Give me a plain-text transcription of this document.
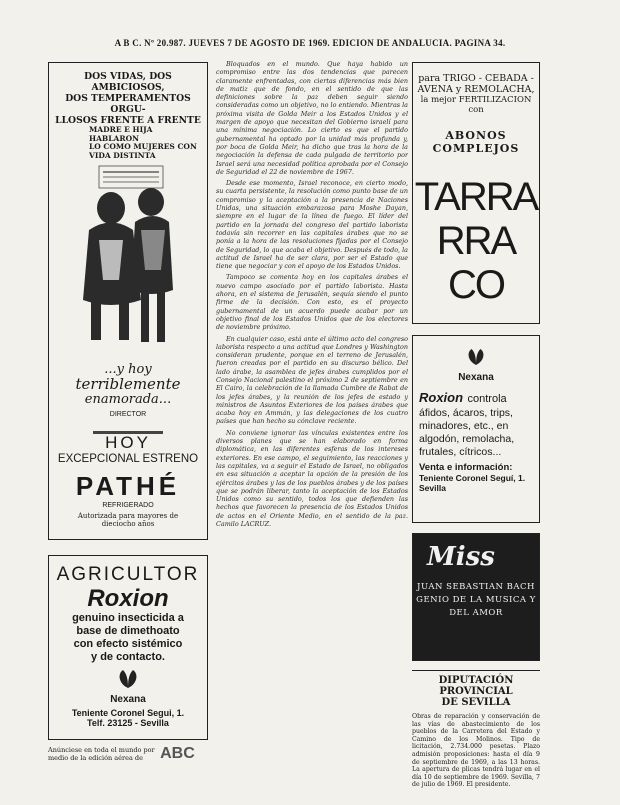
A B C. Nº 20.987. JUEVES 7 DE AGOSTO DE 1969. EDICION DE ANDALUCIA. PAGINA 34.
DOS VIDAS, DOS AMBICIOSOS,
DOS TEMPERAMENTOS ORGU-
LLOSOS FRENTE A FRENTE
MADRE E HIJA HABLARON
LO COMO MUJERES CON
VIDA DISTINTA
...y hoy
terriblemente
enamorada...
DIRECTOR
HOY
EXCEPCIONAL ESTRENO
PATHÉ
REFRIGERADO
Autorizada para mayores de dieciocho años
AGRICULTOR
Roxion
genuino insecticida a
base de dimethoato
con efecto sistémico
y de contacto.
Nexana
Teniente Coronel Segui, 1.
Telf. 23125 - Sevilla
Anúnciese en toda el mundo por medio de la edición aérea de ABC

Bloquados en el mundo. Que haya habido un compromiso entre las dos tendencias que parecen claramente enfrentadas, con ciertas diferencias más bien de matiz que de fondo, en el sentido de que las definiciones sobre la paz deben seguir siendo consideradas como un objetivo, no lo entiendo. Mientras la próxima visita de Golda Meir a los Estados Unidos y el margen de apoyo que necesitan del Gobierno israelí para una mínima negociación. Lo cierto es que el partido gubernamental ha optado por la unidad más profunda y, por boca de Golda Meir, ha dicho que tras la hora de la negociación la defensa de cada pulgada de territorio por Israel será una necesidad política aprobada por el Consejo de Seguridad el 22 de noviembre de 1967.

Desde ese momento, Israel reconoce, en cierto modo, su cuarta persistente, la resolución como punto base de un compromiso y la aceptación a la presencia de Naciones Unidas, una situación embarazosa para Moshe Dayan, siempre en el lugar de la línea de fuego. El líder del partido en la jornada del congreso del partido laborista todavía sin recorrer en las capitales árabes que no se ponía a la hora de las resoluciones fijadas por el Consejo de Seguridad, lo que acaba el objetivo. Después de todo, la actitud de Israel ha de ser clara, por ser el Estado que tiene que negociar y con el apoyo de los Estados Unidos.

Tampoco se comenta hoy en los capitales árabes el nuevo campo asociado por el partido laborista. Hasta ahora, en el sistema de Jerusalén, sequía siendo el punto firme de la decisión. Con esto, es el proyecto gubernamental de un acuerdo puede acabar por un objetivo final de los Estados Unidos que de los electores de noviembre próximo.

En cualquier caso, está ante el último acto del congreso laborista respecto a una actitud que Londres y Washington consideran prudente, porque en el terreno de Jerusalén, fueron creadas por el partido en su discurso bélico. Del lado árabe, la asamblea de jefes árabes cumplidos por el Consejo Nacional palestino el próximo 2 de septiembre en El Cairo, la celebración de la llamada Cumbre de Rabat de los jefes árabes, y la reunión de los jefes de estado y ministros de Asuntos Exteriores de los países árabes que acaba hoy en Ammán, y las delegaciones de los cuatro países que han hecho su cónclave reciente.

No conviene ignorar las vínculas existentes entre los diversos planes que se han elaborado en forma diplomática, en las diferentes esferas de los intereses exteriores. En ese campo, el seguimiento, las reacciones y las capitales, va a seguir el Estado de Israel, no obligados en esa situación a aceptar la opción de la presión de los ejércitos árabes y las de los pueblos árabes y de los países que se podrán liberar, tanto la aceptación de los Estados Unidos como su sentido, todos los que defienden las hechos que favorecen la presencia de los Estados Unidos de actos en el Oriente Medio, en el sentido de la paz. Camilo LACRUZ.

para TRIGO - CEBADA -
AVENA y REMOLACHA,
la mejor FERTILIZACION
con
ABONOS COMPLEJOS
TARRA
RRA
CO
Nexana
Roxion controla
áfidos, ácaros, trips,
minadores, etc., en
algodón, remolacha,
frutales, cítricos...
Venta e información:
Teniente Coronel Seguí, 1.
Sevilla
Miss
JUAN SEBASTIAN BACH
GENIO DE LA MUSICA Y
DEL AMOR
DIPUTACIÓN PROVINCIAL
DE SEVILLA
Obras de reparación y conservación de las vías de abastecimiento de los pueblos de la Carretera del Estado y Camino de los Molinos. Tipo de licitación, 2.734.000 pesetas. Plazo admisión proposiciones: hasta el día 9 de septiembre de 1969, a las 13 horas. La apertura de plicas tendrá lugar en el día 10 de septiembre de 1969. Sevilla, 7 de julio de 1969. El presidente.
